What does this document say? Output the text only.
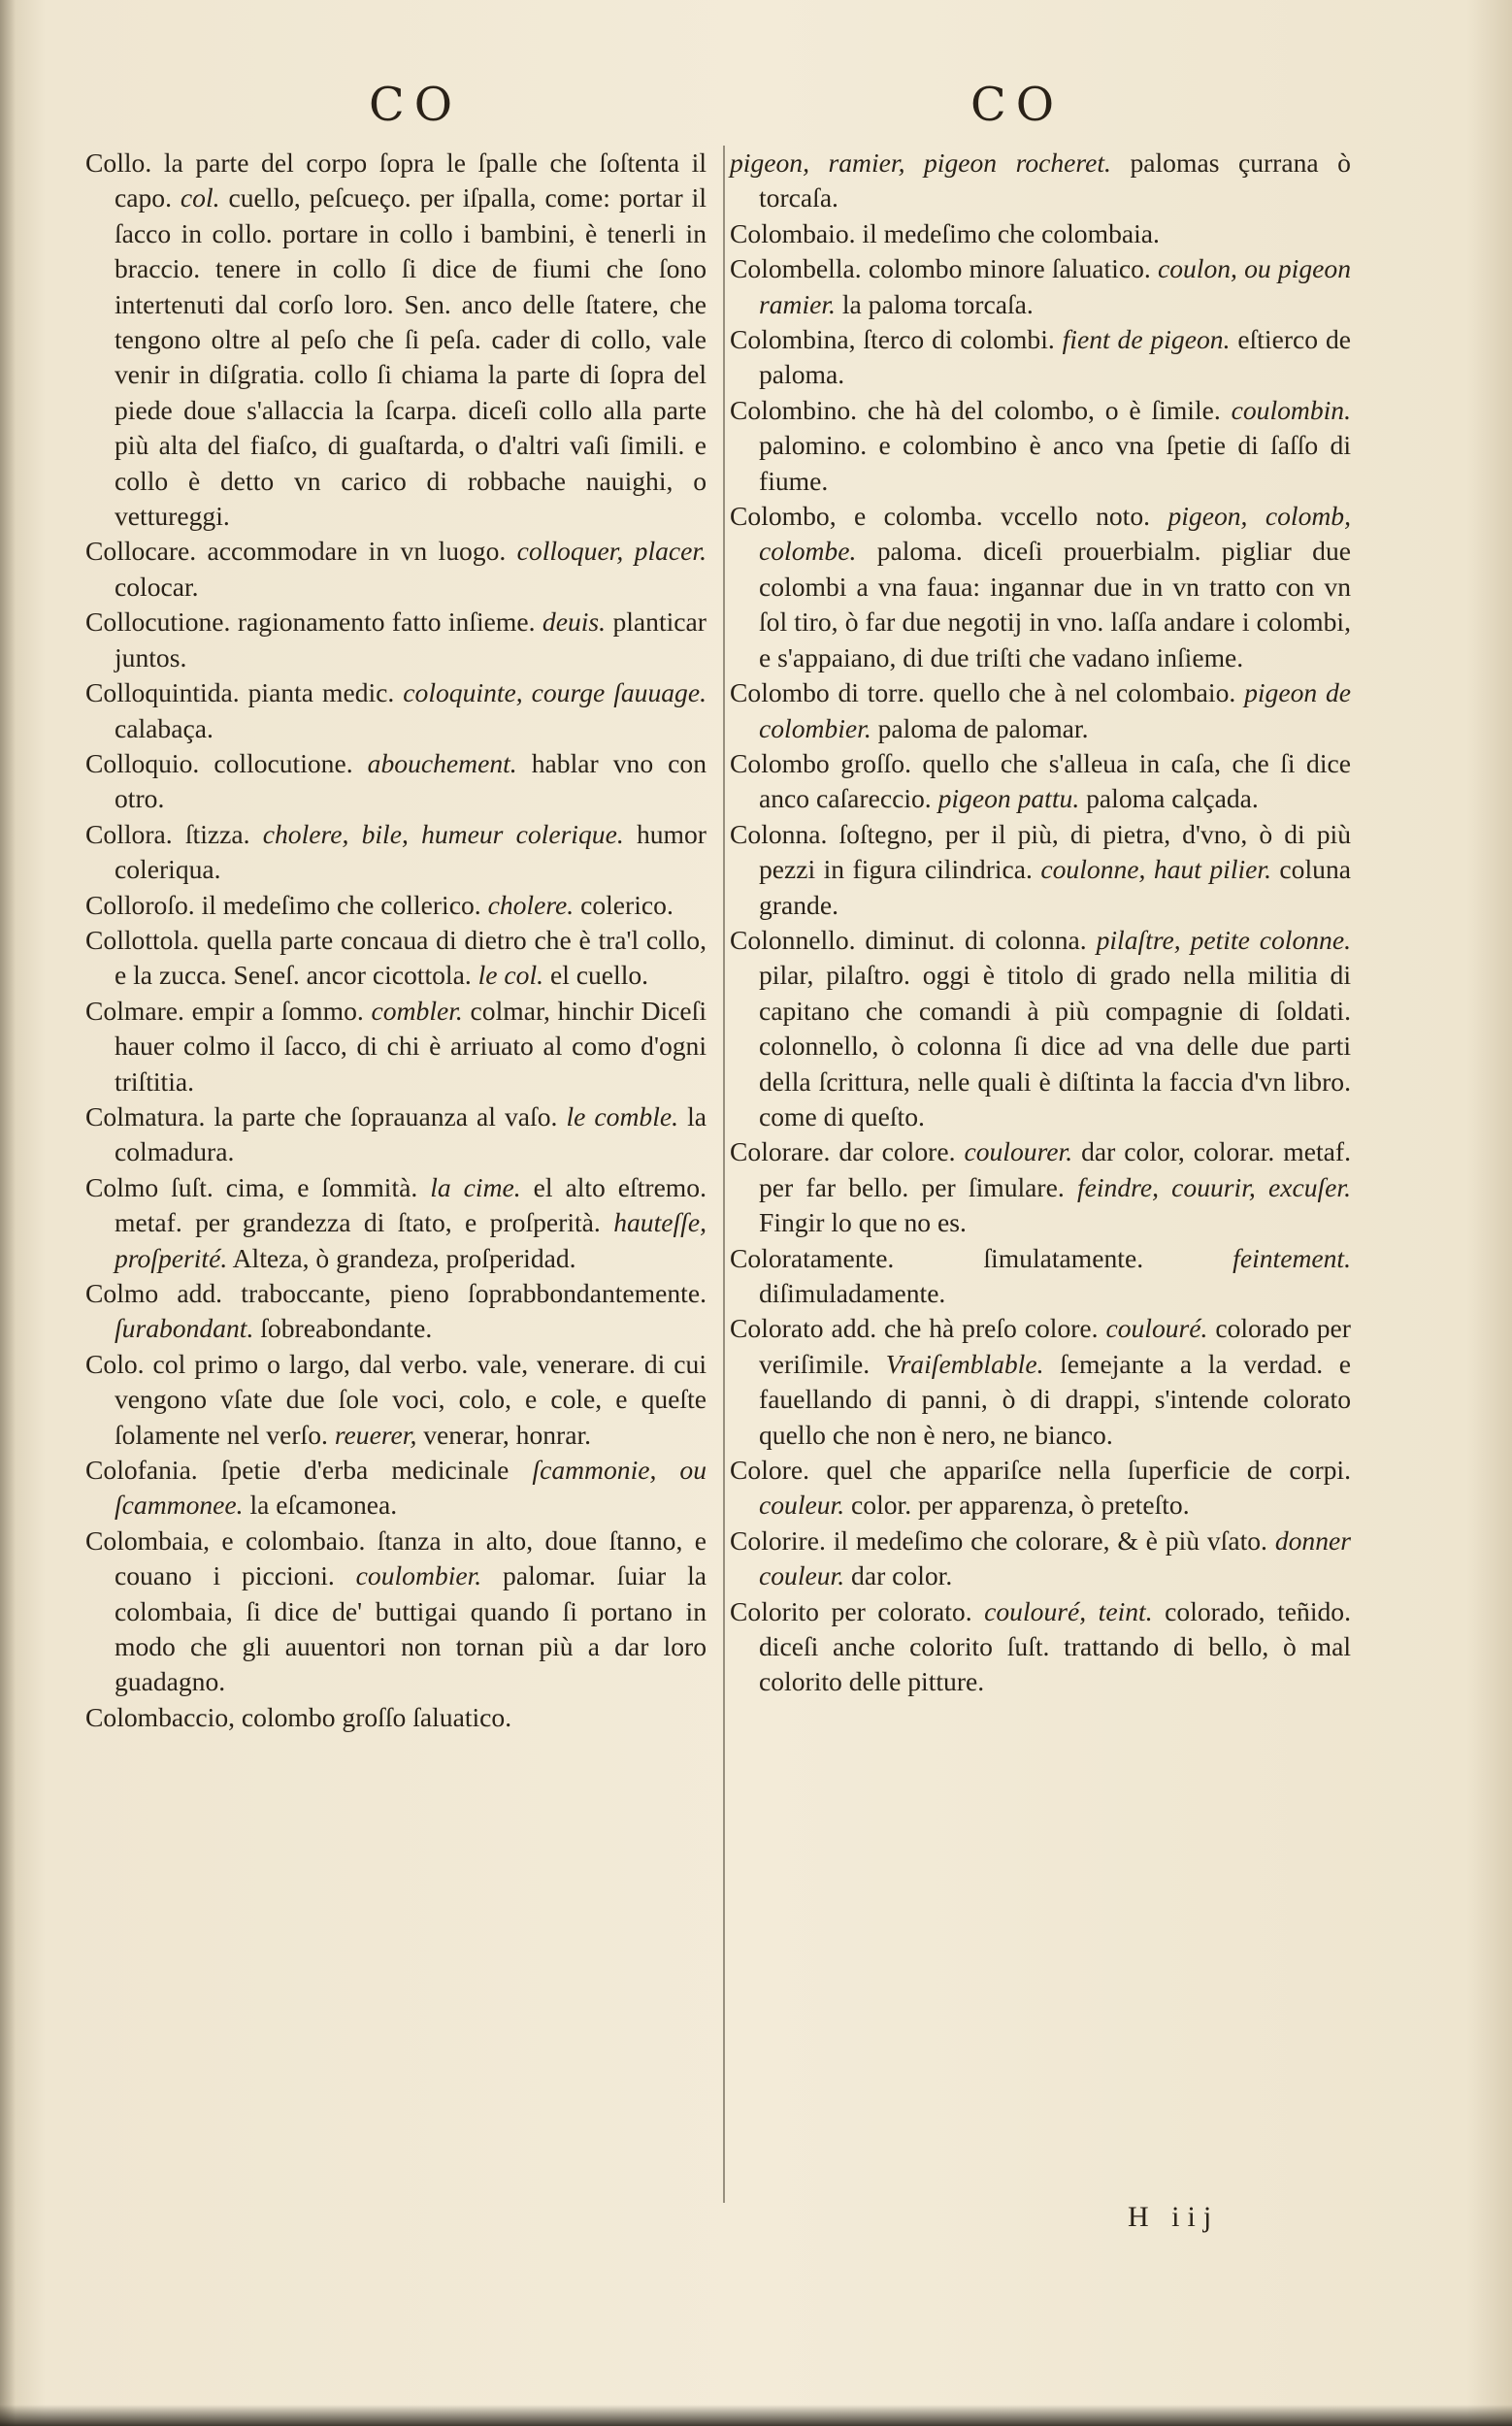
CO	CO

Collo. la parte del corpo ſopra le ſpalle che ſoſtenta il capo. col. cuello, peſcueço. per iſpalla, come: portar il ſacco in collo. portare in collo i bambini, è tenerli in braccio. tenere in collo ſi dice de fiumi che ſono intertenuti dal corſo loro. Sen. anco delle ſtatere, che tengono oltre al peſo che ſi peſa. cader di collo, vale venir in diſgratia. collo ſi chiama la parte di ſopra del piede doue s'allaccia la ſcarpa. diceſi collo alla parte più alta del fiaſco, di guaſtarda, o d'altri vaſi ſimili. e collo è detto vn carico di robbache nauighi, o vettureggi.

Collocare. accommodare in vn luogo. colloquer, placer. colocar.

Collocutione. ragionamento fatto inſieme. deuis. planticar juntos.

Colloquintida. pianta medic. coloquinte, courge ſauuage. calabaça.

Colloquio. collocutione. abouchement. hablar vno con otro.

Collora. ſtizza. cholere, bile, humeur colerique. humor coleriqua.

Colloroſo. il medeſimo che collerico. cholere. colerico.

Collottola. quella parte concaua di dietro che è tra'l collo, e la zucca. Seneſ. ancor cicottola. le col. el cuello.

Colmare. empir a ſommo. combler. colmar, hinchir Diceſi hauer colmo il ſacco, di chi è arriuato al como d'ogni triſtitia.

Colmatura. la parte che ſoprauanza al vaſo. le comble. la colmadura.

Colmo ſuſt. cima, e ſommità. la cime. el alto eſtremo. metaf. per grandezza di ſtato, e proſperità. hauteſſe, proſperité. Alteza, ò grandeza, proſperidad.

Colmo add. traboccante, pieno ſoprabbondantemente. ſurabondant. ſobreabondante.

Colo. col primo o largo, dal verbo. vale, venerare. di cui vengono vſate due ſole voci, colo, e cole, e queſte ſolamente nel verſo. reuerer, venerar, honrar.

Colofania. ſpetie d'erba medicinale ſcammonie, ou ſcammonee. la eſcamonea.

Colombaia, e colombaio. ſtanza in alto, doue ſtanno, e couano i piccioni. coulombier. palomar. ſuiar la colombaia, ſi dice de' buttigai quando ſi portano in modo che gli auuentori non tornan più a dar loro guadagno.

Colombaccio, colombo groſſo ſaluatico.

pigeon, ramier, pigeon rocheret. palomas çurrana ò torcaſa.

Colombaio. il medeſimo che colombaia.

Colombella. colombo minore ſaluatico. coulon, ou pigeon ramier. la paloma torcaſa.

Colombina, ſterco di colombi. fient de pigeon. eſtierco de paloma.

Colombino. che hà del colombo, o è ſimile. coulombin. palomino. e colombino è anco vna ſpetie di ſaſſo di fiume.

Colombo, e colomba. vccello noto. pigeon, colomb, colombe. paloma. diceſi prouerbialm. pigliar due colombi a vna faua: ingannar due in vn tratto con vn ſol tiro, ò far due negotij in vno. laſſa andare i colombi, e s'appaiano, di due triſti che vadano inſieme.

Colombo di torre. quello che à nel colombaio. pigeon de colombier. paloma de palomar.

Colombo groſſo. quello che s'alleua in caſa, che ſi dice anco caſareccio. pigeon pattu. paloma calçada.

Colonna. ſoſtegno, per il più, di pietra, d'vno, ò di più pezzi in figura cilindrica. coulonne, haut pilier. coluna grande.

Colonnello. diminut. di colonna. pilaſtre, petite colonne. pilar, pilaſtro. oggi è titolo di grado nella militia di capitano che comandi à più compagnie di ſoldati. colonnello, ò colonna ſi dice ad vna delle due parti della ſcrittura, nelle quali è diſtinta la faccia d'vn libro. come di queſto.

Colorare. dar colore. coulourer. dar color, colorar. metaf. per far bello. per ſimulare. feindre, couurir, excuſer. Fingir lo que no es.

Coloratamente. ſimulatamente. feintement. diſimuladamente.

Colorato add. che hà preſo colore. coulouré. colorado per veriſimile. Vraiſemblable. ſemejante a la verdad. e fauellando di panni, ò di drappi, s'intende colorato quello che non è nero, ne bianco.

Colore. quel che appariſce nella ſuperficie de corpi. couleur. color. per apparenza, ò preteſto.

Colorire. il medeſimo che colorare, & è più vſato. donner couleur. dar color.

Colorito per colorato. coulouré, teint. colorado, teñido. diceſi anche colorito ſuſt. trattando di bello, ò mal colorito delle pitture.

H iij
